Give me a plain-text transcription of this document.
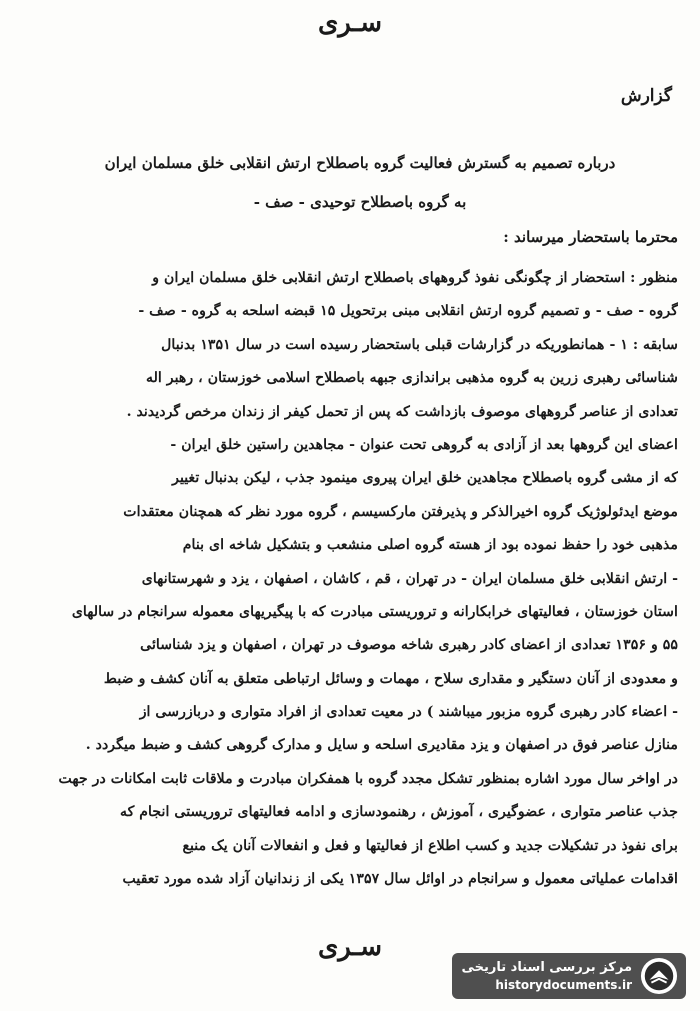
سـری
گزارش
درباره تصمیم به گسترش فعالیت گروه باصطلاح ارتش انقلابی خلق مسلمان ایران
به گروه باصطلاح توحیدی - صف -
محترما باستحضار میرساند :
منظور : استحضار از چگونگی نفوذ گروههای باصطلاح ارتش انقلابی خلق مسلمان ایران و
گروه - صف - و تصمیم گروه ارتش انقلابی مبنی برتحویل ۱۵ قبضه اسلحه به گروه - صف -
سابقه : ۱ - همانطوریکه در گزارشات قبلی باستحضار رسیده است در سال ۱۳۵۱ بدنبال
شناسائی رهبری زرین به گروه مذهبی براندازی جبهه باصطلاح اسلامی خوزستان ، رهبر اله
تعدادی از عناصر گروههای موصوف بازداشت که پس از تحمل کیفر از زندان مرخص گردیدند .
اعضای این گروهها بعد از آزادی به گروهی تحت عنوان - مجاهدین راستین خلق ایران -
که از مشی گروه باصطلاح مجاهدین خلق ایران پیروی مینمود جذب ، لیکن بدنبال تغییر
موضع ایدئولوژیک گروه اخیرالذکر و پذیرفتن مارکسیسم ، گروه مورد نظر که همچنان معتقدات
مذهبی خود را حفظ نموده بود از هسته گروه اصلی منشعب و بتشکیل شاخه ای بنام
- ارتش انقلابی خلق مسلمان ایران - در تهران ، قم ، کاشان ، اصفهان ، یزد و شهرستانهای
استان خوزستان ، فعالیتهای خرابکارانه و تروریستی مبادرت که با پیگیریهای معموله سرانجام در سالهای
۵۵ و ۱۳۵۶ تعدادی از اعضای کادر رهبری شاخه موصوف در تهران ، اصفهان و یزد شناسائی
و معدودی از آنان دستگیر و مقداری سلاح ، مهمات و وسائل ارتباطی متعلق به آنان کشف و ضبط
- اعضاء کادر رهبری گروه مزبور میباشند ) در معیت تعدادی از افراد متواری و دربازرسی از
منازل عناصر فوق در اصفهان و یزد مقادیری اسلحه و سایل و مدارک گروهی کشف و ضبط میگردد .
در اواخر سال مورد اشاره بمنظور تشکل مجدد گروه با همفکران مبادرت و ملاقات ثابت امکانات در جهت
جذب عناصر متواری ، عضوگیری ، آموزش ، رهنمودسازی و ادامه فعالیتهای تروریستی انجام که
برای نفوذ در تشکیلات جدید و کسب اطلاع از فعالیتها و فعل و انفعالات آنان یک منبع
اقدامات عملیاتی معمول و سرانجام در اوائل سال ۱۳۵۷ یکی از زندانیان آزاد شده مورد تعقیب
سـری
مرکز بررسی اسناد تاریخی
historydocuments.ir
